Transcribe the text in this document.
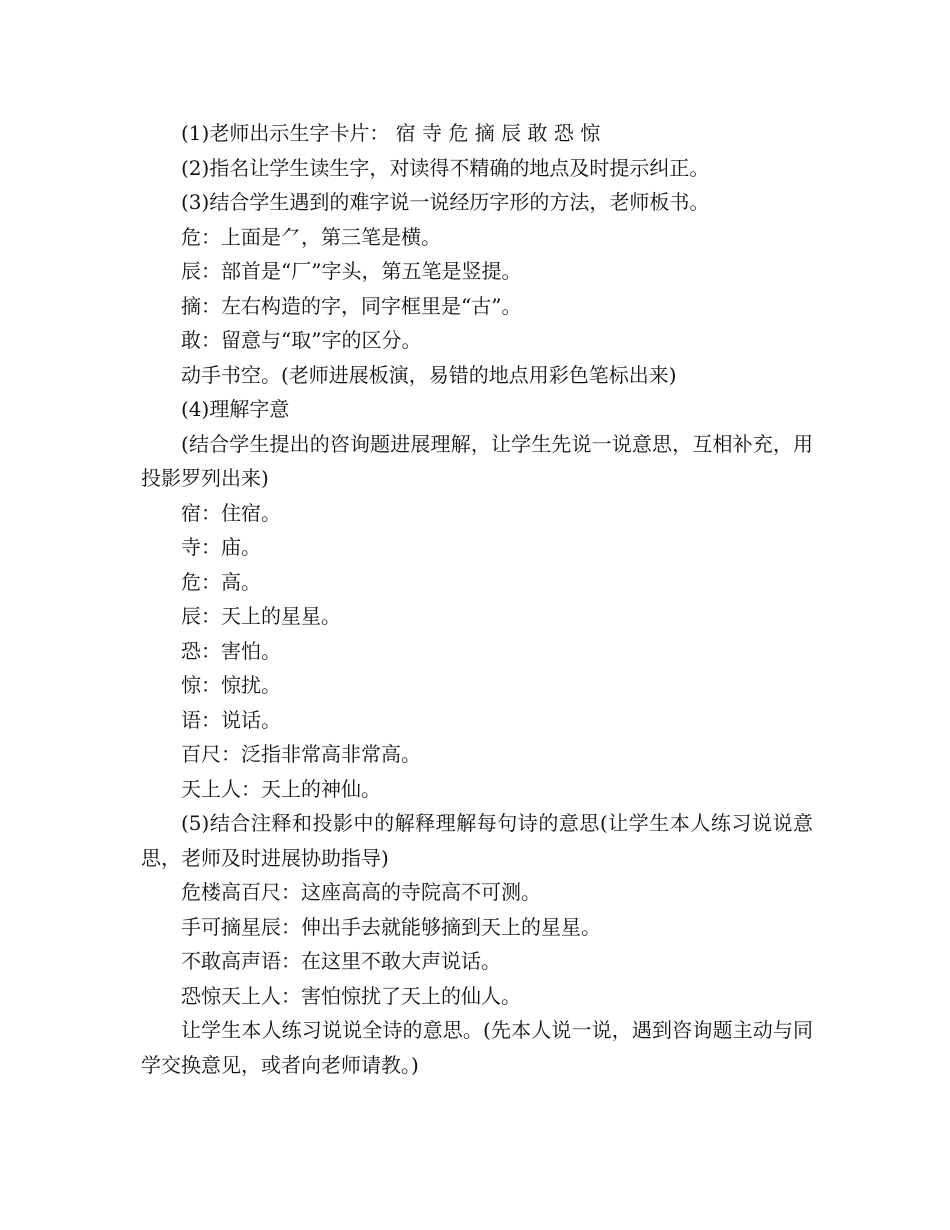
(1)老师出示生字卡片： 宿 寺 危 摘 辰 敢 恐 惊

(2)指名让学生读生字，对读得不精确的地点及时提示纠正。

(3)结合学生遇到的难字说一说经历字形的方法，老师板书。

危：上面是⺈，第三笔是横。

辰：部首是“厂”字头，第五笔是竖提。

摘：左右构造的字，同字框里是“古”。

敢：留意与“取”字的区分。

动手书空。(老师进展板演，易错的地点用彩色笔标出来)

(4)理解字意

(结合学生提出的咨询题进展理解，让学生先说一说意思，互相补充，用投影罗列出来)

宿：住宿。

寺：庙。

危：高。

辰：天上的星星。

恐：害怕。

惊：惊扰。

语：说话。

百尺：泛指非常高非常高。

天上人：天上的神仙。

(5)结合注释和投影中的解释理解每句诗的意思(让学生本人练习说说意思，老师及时进展协助指导)

危楼高百尺：这座高高的寺院高不可测。

手可摘星辰：伸出手去就能够摘到天上的星星。

不敢高声语：在这里不敢大声说话。

恐惊天上人：害怕惊扰了天上的仙人。

让学生本人练习说说全诗的意思。(先本人说一说，遇到咨询题主动与同学交换意见，或者向老师请教。)
